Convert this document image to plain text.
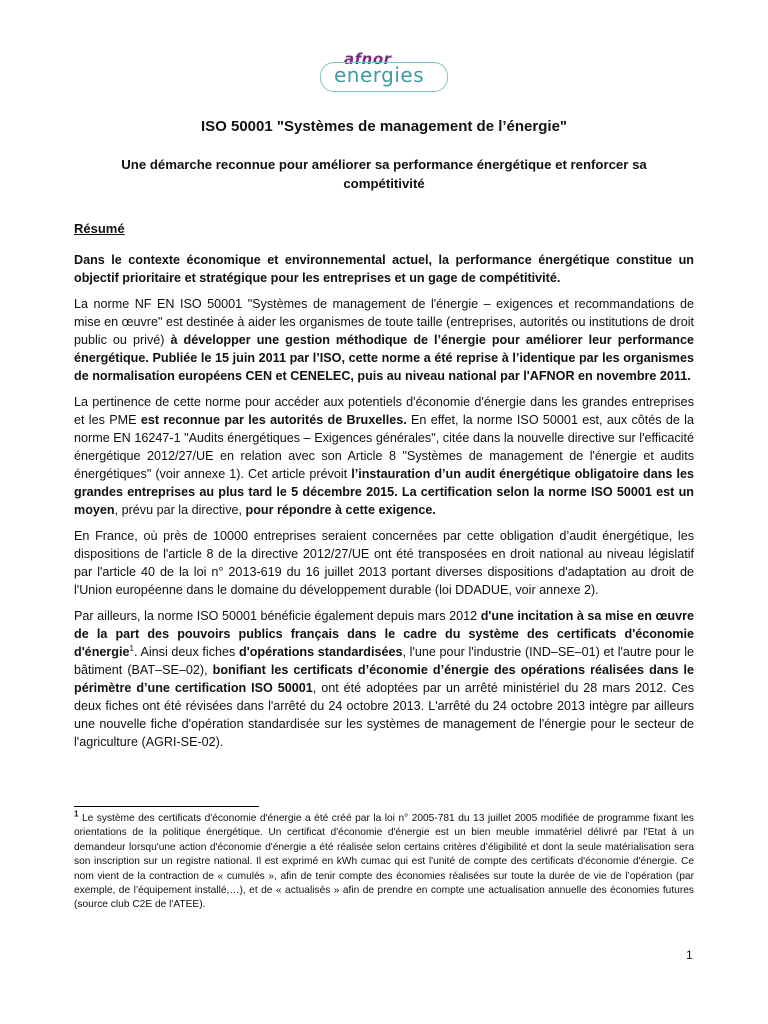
afnor
energies
ISO 50001 "Systèmes de management de l’énergie"
Une démarche reconnue pour améliorer sa performance énergétique et renforcer sa compétitivité
Résumé

Dans le contexte économique et environnemental actuel, la performance énergétique constitue un objectif prioritaire et stratégique pour les entreprises et un gage de compétitivité.

La norme NF EN ISO 50001 "Systèmes de management de l'énergie – exigences et recommandations de mise en œuvre" est destinée à aider les organismes de toute taille (entreprises, autorités ou institutions de droit public ou privé) à développer une gestion méthodique de l’énergie pour améliorer leur performance énergétique. Publiée le 15 juin 2011 par l’ISO, cette norme a été reprise à l’identique par les organismes de normalisation européens CEN et CENELEC, puis au niveau national par l'AFNOR en novembre 2011.

La pertinence de cette norme pour accéder aux potentiels d'économie d'énergie dans les grandes entreprises et les PME est reconnue par les autorités de Bruxelles. En effet, la norme ISO 50001 est, aux côtés de la norme EN 16247-1 "Audits énergétiques – Exigences générales", citée dans la nouvelle directive sur l'efficacité énergétique 2012/27/UE en relation avec son Article 8 "Systèmes de management de l'énergie et audits énergétiques" (voir annexe 1). Cet article prévoit l’instauration d’un audit énergétique obligatoire dans les grandes entreprises au plus tard le 5 décembre 2015. La certification selon la norme ISO 50001 est un moyen, prévu par la directive, pour répondre à cette exigence.

En France, où près de 10000 entreprises seraient concernées par cette obligation d’audit énergétique, les dispositions de l'article 8 de la directive 2012/27/UE ont été transposées en droit national au niveau législatif par l'article 40 de la loi n° 2013-619 du 16 juillet 2013 portant diverses dispositions d'adaptation au droit de l'Union européenne dans le domaine du développement durable (loi DDADUE, voir annexe 2).

Par ailleurs, la norme ISO 50001 bénéficie également depuis mars 2012 d'une incitation à sa mise en œuvre de la part des pouvoirs publics français dans le cadre du système des certificats d'économie d'énergie$^1$. Ainsi deux fiches d'opérations standardisées, l'une pour l'industrie (IND–SE–01) et l'autre pour le bâtiment (BAT–SE–02), bonifiant les certificats d’économie d’énergie des opérations réalisées dans le périmètre d’une certification ISO 50001, ont été adoptées par un arrêté ministériel du 28 mars 2012. Ces deux fiches ont été révisées dans l'arrêté du 24 octobre 2013. L'arrêté du 24 octobre 2013 intègre par ailleurs une nouvelle fiche d'opération standardisée sur les systèmes de management de l'énergie pour le secteur de l'agriculture (AGRI-SE-02).

$^1$ Le système des certificats d'économie d'énergie a été créé par la loi n° 2005-781 du 13 juillet 2005 modifiée de programme fixant les orientations de la politique énergétique. Un certificat d'économie d'énergie est un bien meuble immatériel délivré par l'Etat à un demandeur lorsqu'une action d'économie d'énergie a été réalisée selon certains critères d’éligibilité et dont la seule matérialisation sera son inscription sur un registre national. Il est exprimé en kWh cumac qui est l'unité de compte des certificats d'économie d'énergie. Ce nom vient de la contraction de « cumulés », afin de tenir compte des économies réalisées sur toute la durée de vie de l’opération (par exemple, de l’équipement installé,…), et de « actualisés » afin de prendre en compte une actualisation annuelle des économies futures (source club C2E de l'ATEE).

1
